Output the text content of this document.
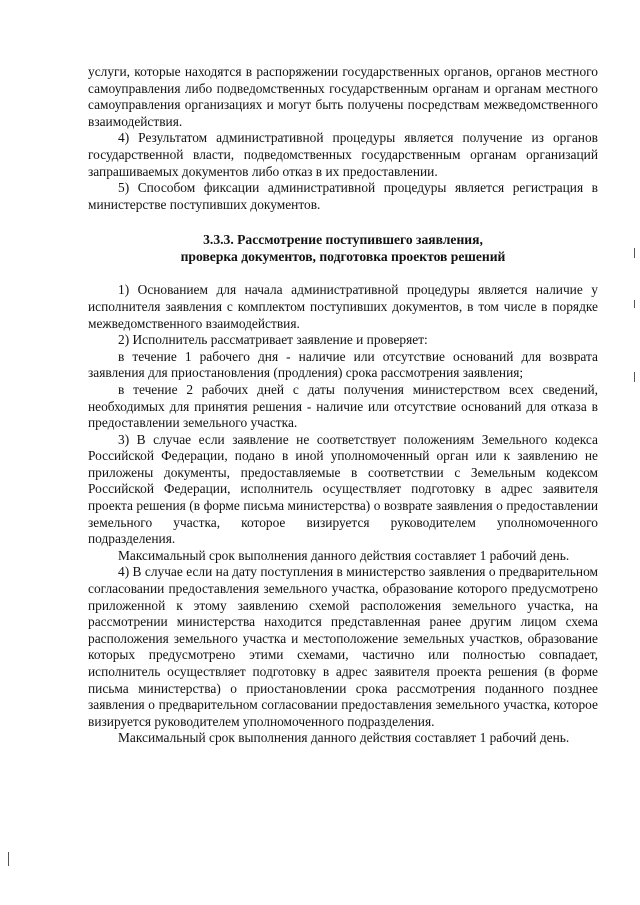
услуги, которые находятся в распоряжении государственных органов, органов местного самоуправления либо подведомственных государственным органам и органам местного самоуправления организациях и могут быть получены посредствам межведомственного взаимодействия.

4) Результатом административной процедуры является получение из органов государственной власти, подведомственных государственным органам организаций запрашиваемых документов либо отказ в их предоставлении.

5) Способом фиксации административной процедуры является регистрация в министерстве поступивших документов.

3.3.3. Рассмотрение поступившего заявления,
проверка документов, подготовка проектов решений

1) Основанием для начала административной процедуры является наличие у исполнителя заявления с комплектом поступивших документов, в том числе в порядке межведомственного взаимодействия.

2) Исполнитель рассматривает заявление и проверяет:

в течение 1 рабочего дня - наличие или отсутствие оснований для возврата заявления для приостановления (продления) срока рассмотрения заявления;

в течение 2 рабочих дней с даты получения министерством всех сведений, необходимых для принятия решения - наличие или отсутствие оснований для отказа в предоставлении земельного участка.

3) В случае если заявление не соответствует положениям Земельного кодекса Российской Федерации, подано в иной уполномоченный орган или к заявлению не приложены документы, предоставляемые в соответствии с Земельным кодексом Российской Федерации, исполнитель осуществляет подготовку в адрес заявителя проекта решения (в форме письма министерства) о возврате заявления о предоставлении земельного участка, которое визируется руководителем уполномоченного подразделения.

Максимальный срок выполнения данного действия составляет 1 рабочий день.

4) В случае если на дату поступления в министерство заявления о предварительном согласовании предоставления земельного участка, образование которого предусмотрено приложенной к этому заявлению схемой расположения земельного участка, на рассмотрении министерства находится представленная ранее другим лицом схема расположения земельного участка и местоположение земельных участков, образование которых предусмотрено этими схемами, частично или полностью совпадает, исполнитель осуществляет подготовку в адрес заявителя проекта решения (в форме письма министерства) о приостановлении срока рассмотрения поданного позднее заявления о предварительном согласовании предоставления земельного участка, которое визируется руководителем уполномоченного подразделения.

Максимальный срок выполнения данного действия составляет 1 рабочий день.
